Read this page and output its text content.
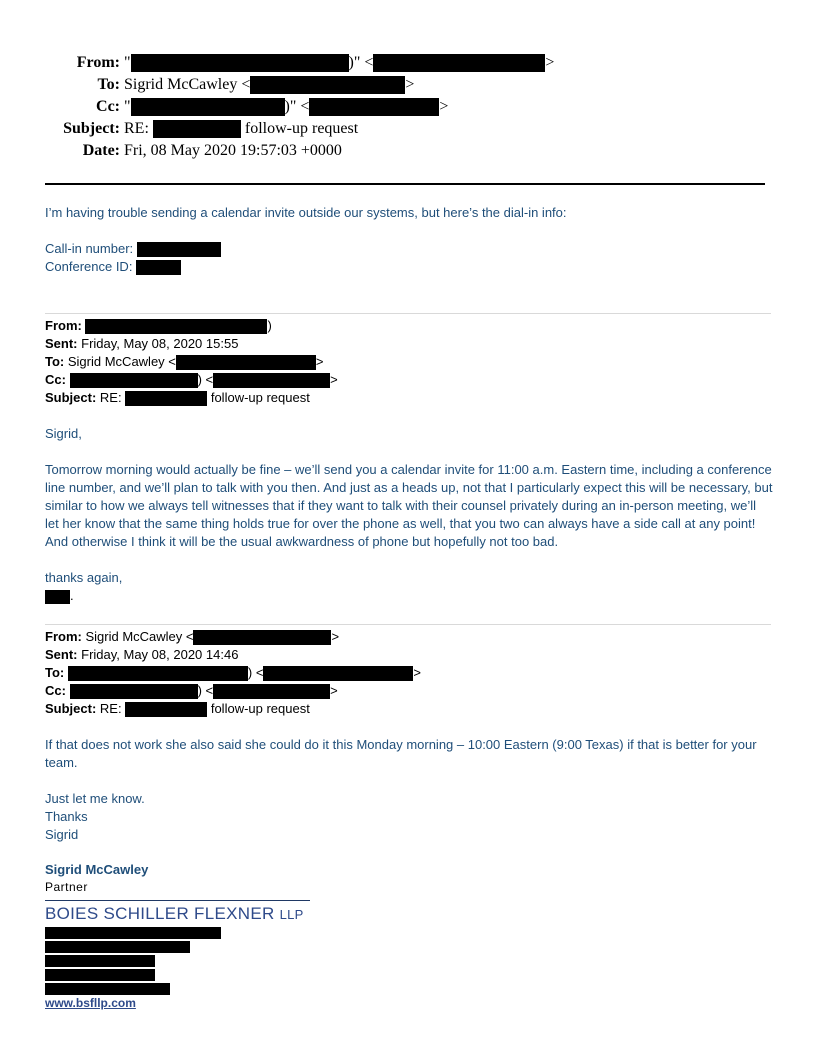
From: "	)" <	>
To: Sigrid McCawley <	>
Cc: "	)" <	>
Subject: RE:	follow-up request
Date: Fri, 08 May 2020 19:57:03 +0000
I’m having trouble sending a calendar invite outside our systems, but here’s the dial-in info:
Call-in number:
Conference ID:
From:	)
Sent: Friday, May 08, 2020 15:55
To: Sigrid McCawley <	>
Cc:	) <	>
Subject: RE:	follow-up request
Sigrid,
Tomorrow morning would actually be fine – we’ll send you a calendar invite for 11:00 a.m. Eastern time, including a conference line number, and we’ll plan to talk with you then. And just as a heads up, not that I particularly expect this will be necessary, but similar to how we always tell witnesses that if they want to talk with their counsel privately during an in-person meeting, we’ll let her know that the same thing holds true for over the phone as well, that you two can always have a side call at any point! And otherwise I think it will be the usual awkwardness of phone but hopefully not too bad.
thanks again,
.
From: Sigrid McCawley <	>
Sent: Friday, May 08, 2020 14:46
To:	) <	>
Cc:	) <	>
Subject: RE:	follow-up request
If that does not work she also said she could do it this Monday morning – 10:00 Eastern (9:00 Texas) if that is better for your team.
Just let me know.
Thanks
Sigrid
Sigrid McCawley
Partner
BOIES SCHILLER FLEXNER LLP
www.bsfllp.com
